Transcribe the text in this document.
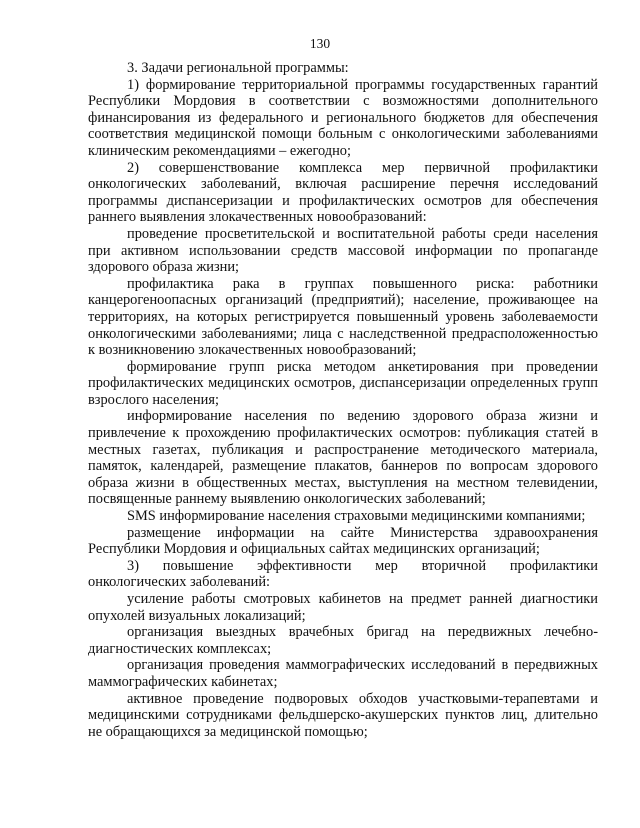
130

3. Задачи региональной программы:

1) формирование территориальной программы государственных гарантий Республики Мордовия в соответствии с возможностями дополнительного финансирования из федерального и регионального бюджетов для обеспечения соответствия медицинской помощи больным с онкологическими заболеваниями клиническим рекомендациями – ежегодно;

2) совершенствование комплекса мер первичной профилактики онкологических заболеваний, включая расширение перечня исследований программы диспансеризации и профилактических осмотров для обеспечения раннего выявления злокачественных новообразований:

проведение просветительской и воспитательной работы среди населения при активном использовании средств массовой информации по пропаганде здорового образа жизни;

профилактика рака в группах повышенного риска: работники канцерогеноопасных организаций (предприятий); население, проживающее на территориях, на которых регистрируется повышенный уровень заболеваемости онкологическими заболеваниями; лица с наследственной предрасположенностью к возникновению злокачественных новообразований;

формирование групп риска методом анкетирования при проведении профилактических медицинских осмотров, диспансеризации определенных групп взрослого населения;

информирование населения по ведению здорового образа жизни и привлечение к прохождению профилактических осмотров: публикация статей в местных газетах, публикация и распространение методического материала, памяток, календарей, размещение плакатов, баннеров по вопросам здорового образа жизни в общественных местах, выступления на местном телевидении, посвященные раннему выявлению онкологических заболеваний;

SMS информирование населения страховыми медицинскими компаниями;

размещение информации на сайте Министерства здравоохранения Республики Мордовия и официальных сайтах медицинских организаций;

3) повышение эффективности мер вторичной профилактики онкологических заболеваний:

усиление работы смотровых кабинетов на предмет ранней диагностики опухолей визуальных локализаций;

организация выездных врачебных бригад на передвижных лечебно-диагностических комплексах;

организация проведения маммографических исследований в передвижных маммографических кабинетах;

активное проведение подворовых обходов участковыми-терапевтами и медицинскими сотрудниками фельдшерско-акушерских пунктов лиц, длительно не обращающихся за медицинской помощью;
